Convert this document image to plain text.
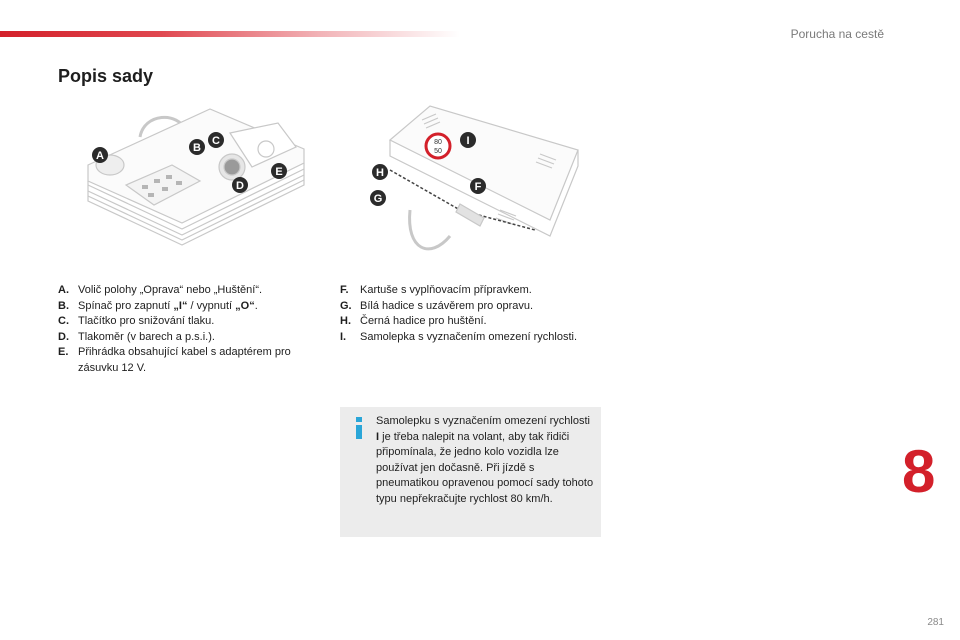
Porucha na cestě
Popis sady
A
B
C
D
E
80
50
I
H
F
G
A. Volič polohy „Oprava“ nebo „Huštění“.
B. Spínač pro zapnutí „I“ / vypnutí „O“.
C. Tlačítko pro snižování tlaku.
D. Tlakoměr (v barech a p.s.i.).
E. Přihrádka obsahující kabel s adaptérem pro zásuvku 12 V.
F.	Kartuše s vyplňovacím přípravkem.
G. Bílá hadice s uzávěrem pro opravu.
H. Černá hadice pro huštění.
I.	Samolepka s vyznačením omezení rychlosti.
Samolepku s vyznačením omezení rychlosti I je třeba nalepit na volant, aby tak řidiči připomínala, že jedno kolo vozidla lze používat jen dočasně. Při jízdě s pneumatikou opravenou pomocí sady tohoto typu nepřekračujte rychlost 80 km/h.	8
281
